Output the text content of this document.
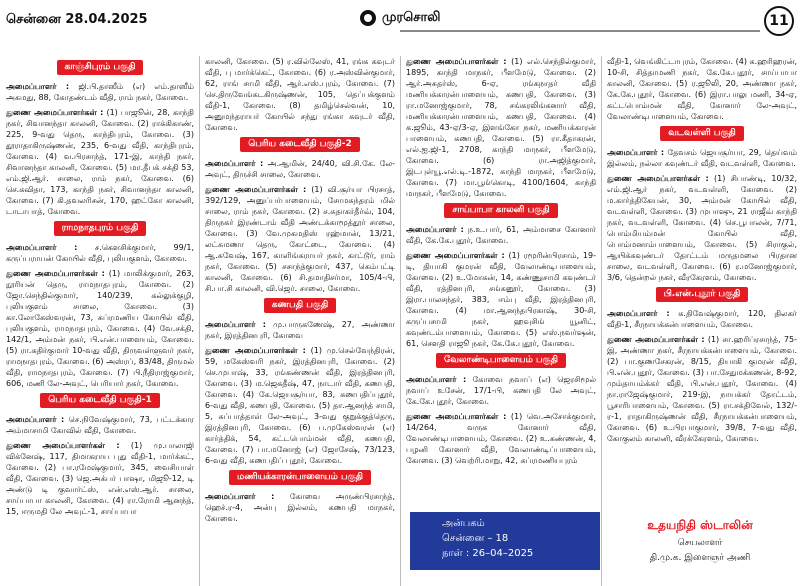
சென்னை 28.04.2025	முரசொலி	11
காஞ்சிபுரம் பகுதி

அமைப்பாளர் : ஜி.பி.தாஸீம் (எ) எம்.தாஸீம் அகமது, 88, கோதண்டம் வீதி, ராம் நகர், கோவை.

துணை அமைப்பாளர்கள் : (1) பாஜூன், 28, காந்தி நகர், சிவானந்தா காலனி, கோவை. (2) ராக்கிகாண், 225, 9-வது தெரு, காந்திபுரம், கோவை. (3) தூராதாகிருஷ்ணன், 235, 6-வது வீதி, காந்திபுரம், கோவை. (4) வ.பிரசாந்த், 171-இ, காந்தி நகர், சிவானந்தா காலனி, கோவை. (5) மா.தீபக் சக்தி 53, எம்.ஜி.ஆர். சாலை, ராம் நகர், கோவை. (6) செ.கவிதா, 173, காந்தி நகர், சிவானந்தா காலனி, கோவை. (7) கி.தவலரிசன், 170, ஹட்கோ காலனி, டாடாபாத், கோவை.

ராமநாதபுரம் பகுதி

அமைப்பாளர் : ச.கௌசிக்குமார், 99/1, கருப்பராயன் கோயில் வீதி, புலியகுளம், கோவை.

துணை அமைப்பாளர்கள் : (1) மாலிக்குமார், 263, நூரியன் தெரு, ராமநாதபுரம், கோவை. (2) ஜோ.செந்தில்குமார், 140/239, கல்லுக்குழி, புலியகுளம் சாலை, கோவை. (3) கா.லோகேஸ்வரன், 73, சுப்ரமணிய கோயில் வீதி, புலியகுளம், ராமநாதபுரம், கோவை. (4) வே.சக்தி, 142/1, அம்மன் நகர், பி.என்.பாளையம், கோவை. (5) ரா.கதிர்குமார் 10-வது வீதி, திருவள்ளுவர் நகர், ராமநாதபுரம், கோவை. (6) அஸ்ரப், 83/48, திருமல் வீதி, ராமநாதபுரம், கோவை. (7) பி.நீதிராஜ்குமார், 606, மணி லே-அவுட், பெரியார் நகர், கோவை.

பெரிய கடைவீதி பகுதி-1

அமைப்பாளர் : செ.நிவேஷ்குமார், 73, பட்டக்கார அம்மாசாமி கோவில் வீதி, கோவை.

துணை அமைப்பாளர்கள் : (1) மு.பாலாஜி விக்னேஷ், 117, திமாகராய புது வீதி-1, மார்க்கட், கோவை. (2) பா.ரமேஷ்குமார், 345, வைசியாள் வீதி, கோவை. (3) ஜெ.அக்பர் பாஷா, மிஜூ-12, டி அண்டு டி குவார்ட்ஸ், என்.எஸ்.ஆர். சாலை, சாய்பாபா காலனி, கோவை. (4) ரா.ரோமி ஆனந்த், 15, ஈருமதி லே அவுட்-1, சாய்பாபா

காலனி, கோவை. (5) ர.வில்லேஸ், 41, ரங்க கவுடர் வீதி, பு மார்க்கெட், கோவை. (6) ர.அஸ்வின்குமார், 62, ராங் சாமி வீதி, ஆர்.எஸ்.புரம், கோவை. (7) செ.திருவேங்கடகிருஷ்ணன், 105, தெப்பக்குளம் வீதி-1, கோவை. (8) தமிழ்செல்வன், 10, அனுமந்தராயர் கோயில் சந்து ரங்கா கவுடர் வீதி, கோவை.

பெரிய கடைவீதி பகுதி-2

அமைப்பாளர் : அ.ஆமின், 24/40, வி.சி.கே. லே-அவுட், திருச்சி சாலை, கோவை.

துணை அமைப்பாளர்கள் : (1) வி.சூர்யா பிரசாத், 392/129, அனுப்பர்பாளையம், சோமசுந்தரம் மில் சாலை, ராம் நகர், கோவை. (2) ச.சுதாகர்தீர்வ், 104, திருநகர் இரண்டாம் வீதி அண்டக்காமூத்தூர் சாலை, கோவை. (3) வே.முகமதிஸ் ரஹ்மான், 13/21, லட்சுமணா தெரு, கோட்டை, கோவை. (4) ஆ.சுவேஷ், 167, காளிங்கராயர் நகர், காட்டூர், ராம் நகர், கோவை. (5) சசாந்த்குமார், 437, கெம்பட்டி காலனி, கோவை. (6) சி.தமாதிசர்மா, 105/4-பி, சி.பா.சி காலனி, வி.ஜெர். சாலை, கோவை.

கணபதி பகுதி

அமைப்பாளர் : மு.பாருகணேஷ், 27, அண்ணா நகர், இரத்தினபுரி, கோவை

துணை அமைப்பாளர்கள் : (1) மு.செல்வேந்திரன், 59, மகேஸ்வரி நகர், இரத்தினபுரி, கோவை. (2) செ.முபாஷ், 33, ரங்கண்ணன் வீதி, இரத்தினபுரி, கோவை. (3) ம.ஜெகதீஷ், 47, நாடார் வீதி, கணபதி, கோவை. (4) கே.ஜெயசூர்யா, 83, கணபதிப்புதூர், 6-வது வீதி, கணபதி, கோவை. (5) தா.ஆனந்த் சாமி, 5, சுப்பாத்தாள் லே-அவுட், 3-வது குறுக்குத்தெரு, இரத்தினபுரி, கோவை. (6) ப.முகேஸ்வரன் (எ) கார்த்திக், 54, கட்டபொம்மன் வீதி, கணபதி, கோவை. (7) பா.மனோஜ் (எ) ஜோசேஷ், 73/123, 6-வது வீதி, கணபதிப் புதூர், கோவை.

மணியக்காரன்பாளையம் பகுதி

அமைப்பாளர் : கோவை அருண்பிரசாந்த், ஹெச்.ர-4, அன்பு இல்லம், கணபதி மாநகர், கோவை.

துணை அமைப்பாளர்கள் : (1) எல்.செந்தில்குமார், 1895, காந்தி மாநகர், பீளமேடு, கோவை. (2) ஆர்.அசுதர்ஸ், 6-ஏ, ரங்கநாதர் வீதி மணியக்காரன்பாளையம், கணபதி, கோவை. (3) ரா.மனோஜ்குமார், 78, சங்கரலிங்கனார் வீதி, மணியக்காரன்பாளையம், கணபதி, கோவை. (4) க.ஜூம், 43-ஏ/3-ஏ, இளங்கோ நகர், மணியக்காரன் பாளையம், கணபதி, கோவை. (5) ரா.கீதாகரன், எல்.ஐ.ஜி-1, 2708, காந்தி மாநகர், பீளமேடு, கோவை. (6) ரா.அஜித்குமார், இடபுள்யூ.எல்.டி.-1872, காந்தி மாநகர், பீளமேடு, கோவை. (7) மா.பூங்கொடி, 4100/1604, காந்தி மாநகர், பீளமேடு, கோவை.

சாய்பாபா காலனி பகுதி

அமைப்பாளர் : ந.உ.பார், 61, அம்மாசை கோனார் வீதி, கே.கே.புதூர், கோவை.

துணை அமைப்பாளர்கள் : (1) ரமூரின்பிரசாம், 19-டி, தியாகி குமரன் வீதி, வேலாண்டிபாளையம், கோவை. (2) உ.மோகன், 14, கண்ணுசாமி கவுண்டர் வீதி, ரத்தினபுரி, சங்கனூர், கோவை. (3) இரா.பாலசந்தர், 383, ஈம்பு வீதி, இரத்தினபுரி, கோவை. (4) மா.ஆனந்தபிரகாஷ், 30-சி, கருப்பசாமி நகர், ஹவுசிங் யூனிட், கவுண்டம்பாளையம், கோவை. (5) எஸ்.நவர்ஷன், 61, சௌதி ராஜூ நகர், கே.கே.புதூர், கோவை.

வேலாண்டிபாளையம் பகுதி

அமைப்பாளர் : கோவை நவாப் (எ) ஜெரசிமூல் நவாப் உசேன், 17/1-பி, கணபதி லே அவுட், கே.கே.புதூர், கோவை.

துணை அமைப்பாளர்கள் : (1) வெ.அசோக்குமார், 14/264, வருக கோனார் வீதி, வேலாண்டிபாளையம், கோவை. (2) உ.கண்ணன், 4, பழனி கோனார் வீதி, வேலாண்டிப்பாளையம், கோவை. (3) வெற்ரி.மாறு, 42, சுப்ரமணியபுரம்

வீதி-1, வெங்கிட்டாபுரம், கோவை. (4) க.ஹரிஹரன், 10-சி, சித்தாமணி நகர், கே.கே.புதூர், சாய்பாபா காலனி, கோவை. (5) ர.ஜூலி, 20, அண்ணா நகர், கே.கே.புதூர், கோவை. (6) இரா.பாலு மணி, 34-ஏ, கட்டபொம்மன் வீதி, கோனார் லே-அவுட், வேலாண்டிபாளையம், கோவை.

வடவள்ளி பகுதி

அமைப்பாளர் : தேவசம் ஜெயசூர்யா, 29, தெய்வம் இல்லம், நல்லா கவுண்டர் வீதி, வடவள்ளி, கோவை.

துணை அமைப்பாளர்கள் : (1) சிபாண்டி, 10/32, எம்.ஜி.ஆர் நகர், வடவள்ளி, கோவை. (2) ம.கார்த்திகேயன், 30, அம்மன் கோயில் வீதி, வடவள்ளி, கோவை. (3) முபாஷு, 21 ராஜீவ் காந்தி நகர், வடவள்ளி, கோவை. (4) செ.பூபாலன், 7/71, பொம்மியம்மன் கோயில் வீதி, பொம்மனாம்பாளையம், கோவை. (5) சிராகுல், ஆயிக்கவுண்டர் தோட்டம் மருதமலை பிரதான சாலை, வடவள்ளி, கோவை. (6) ர.மனோஜ்குமார், 3/6, தென்றல் நகர், வீரகேரளம், கோவை.

பி.என்.புதூர் பகுதி

அமைப்பாளர் : க.திவேஷ்குமார், 120, திலகர் வீதி-1, சீரநாயக்கன்பாளையம், கோவை.

துணை அமைப்பாளர்கள் : (1) சா.ஹரிப்ரசாந்த், 75-இ, அண்ணா நகர், சீரநாயக்கன்பாளையம், கோவை. (2) பா.குணசேகரன், 8/15, தியாகி குமரன் வீதி, பி.என்.புதூர், கோவை. (3) பா.சேதுமக்கணன், 8-92, மும்தாயம்க்கர் வீதி, பி.என்.புதூர், கோவை. (4) நா.ராஜேஷ்குமார், 219-இ, நாயக்கர் தோட்டம், பூசாரிபாளையம், கோவை. (5) ரா.சக்திவேல், 132/-ர-1, ராதாகிருஷ்ணன் வீதி, சீரநாயக்கன்பாளையம், கோவை. (6) உ.பிரபாகுமார், 39/8, 7-வது வீதி, கோகுலம் காலனி, வீரக்கேரளம், கோவை.

அன்பகம்
சென்னை – 18
நாள் : 26–04–2025
உதயநிதி ஸ்டாலின்
செயலாளர்
தி.மு.க. இளைஞர் அணி
